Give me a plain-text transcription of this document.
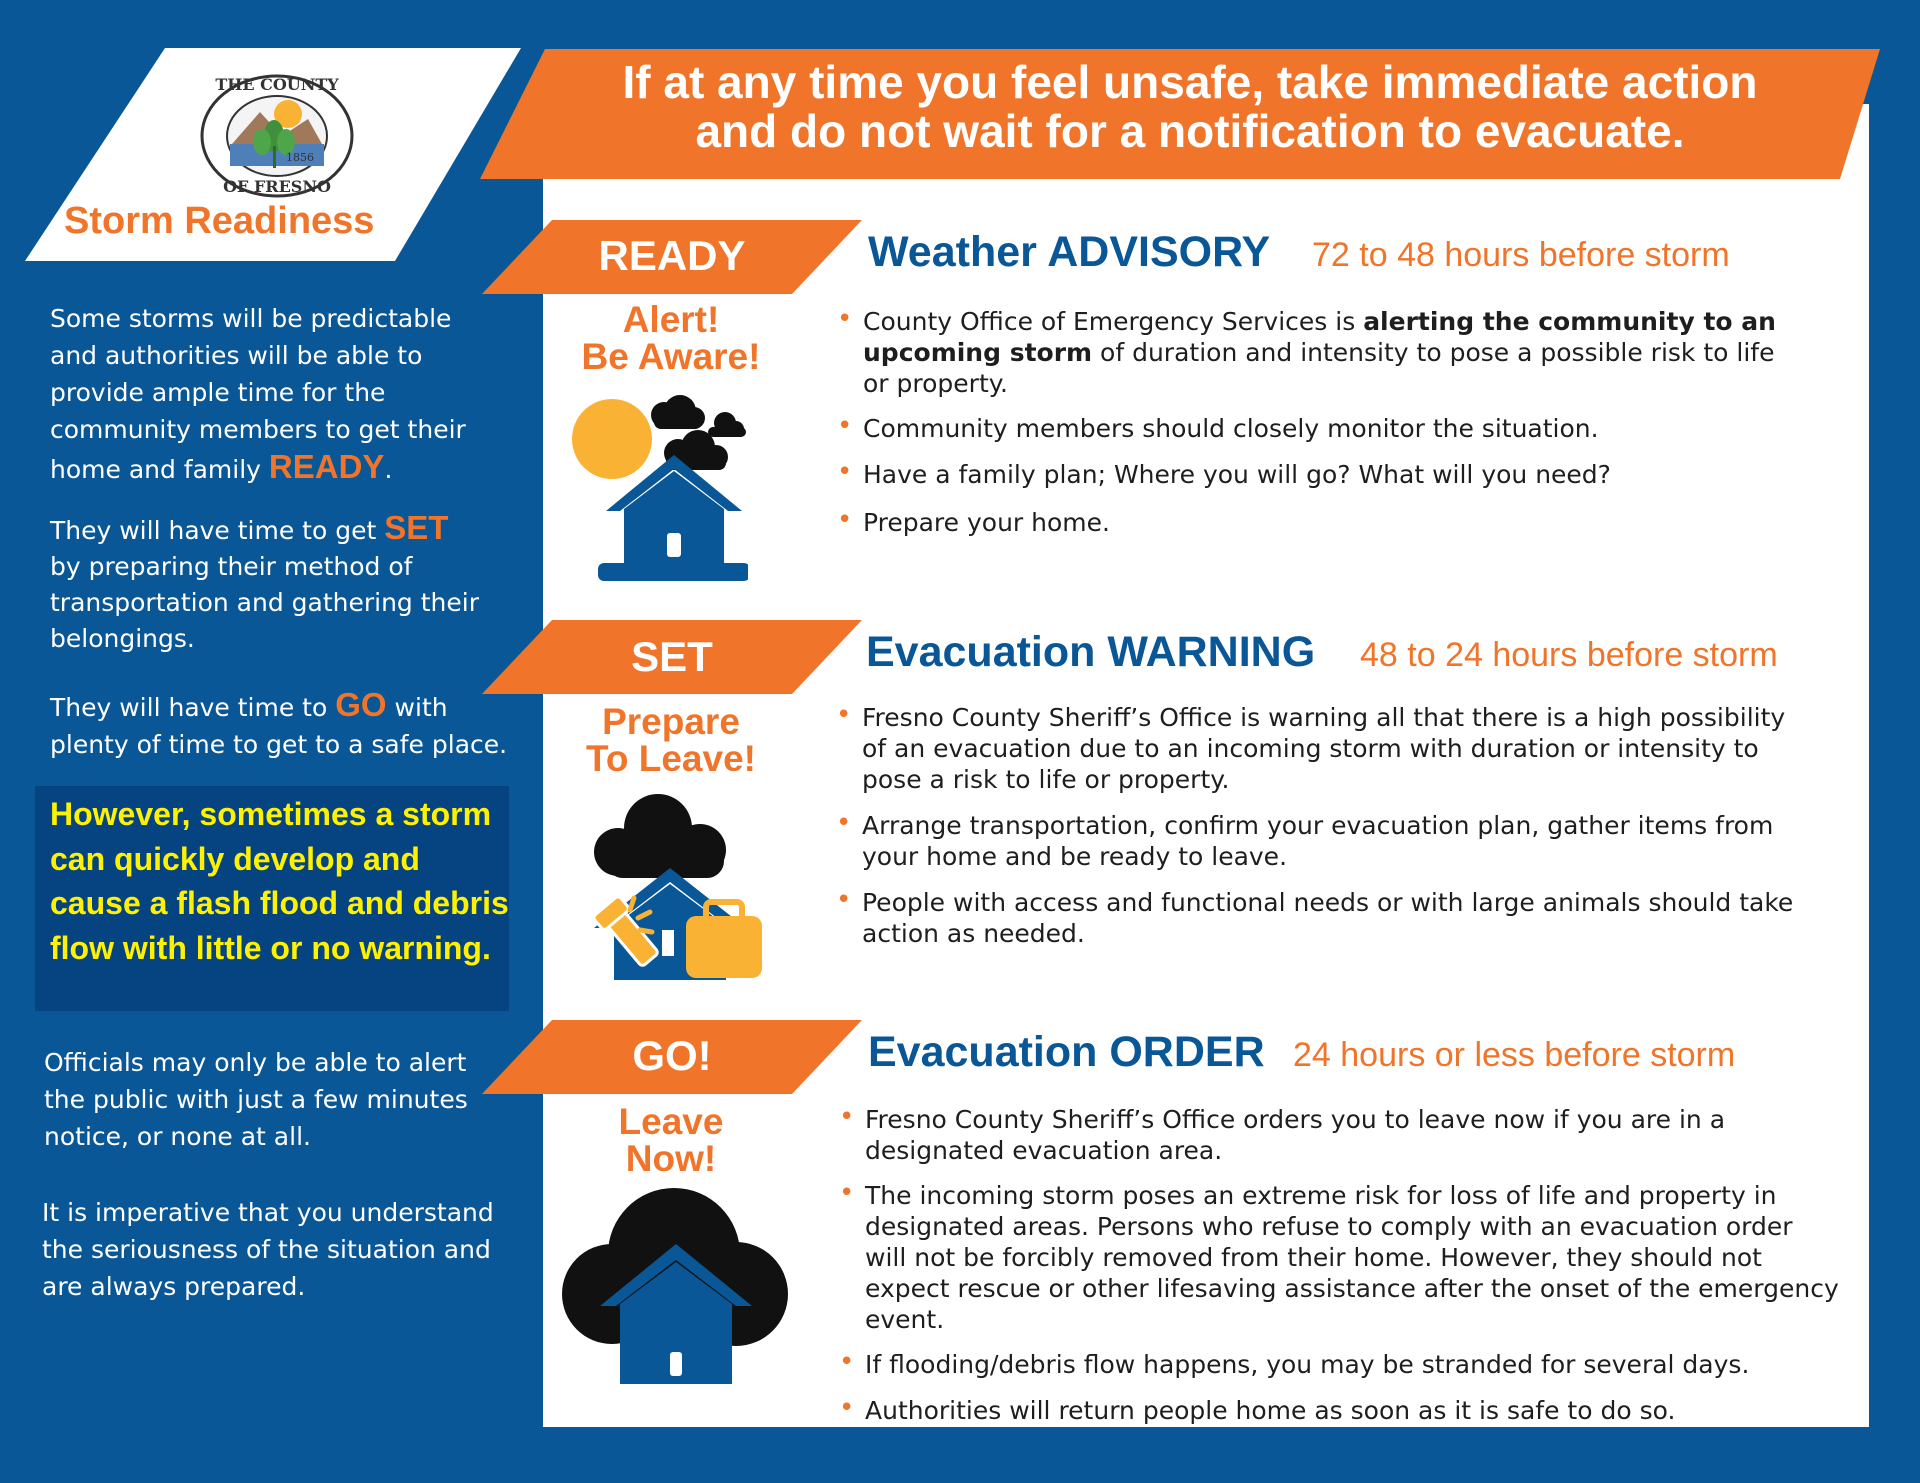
If at any time you feel unsafe, take immediate action
and do not wait for a notification to evacuate.
THE COUNTY
OF FRESNO
1856
Storm Readiness
Some storms will be predictable and authorities will be able to provide ample time for the community members to get their home and family READY.
They will have time to get SET
by preparing their method of transportation and gathering their belongings.
They will have time to GO with plenty of time to get to a safe place.
However, sometimes a storm can quickly develop and cause a flash flood and debris flow with little or no warning.
Officials may only be able to alert the public with just a few minutes notice, or none at all.
It is imperative that you understand the seriousness of the situation and are always prepared.
READY
Alert!
Be Aware!
Weather ADVISORY 72 to 48 hours before storm
• County Office of Emergency Services is alerting the community to an upcoming storm of duration and intensity to pose a possible risk to life or property.
• Community members should closely monitor the situation.
• Have a family plan; Where you will go? What will you need?
• Prepare your home.
SET
Prepare
To Leave!
Evacuation WARNING 48 to 24 hours before storm
• Fresno County Sheriff’s Office is warning all that there is a high possibility of an evacuation due to an incoming storm with duration or intensity to pose a risk to life or property.
• Arrange transportation, confirm your evacuation plan, gather items from your home and be ready to leave.
• People with access and functional needs or with large animals should take action as needed.
GO!
Leave
Now!
Evacuation ORDER 24 hours or less before storm
• Fresno County Sheriff’s Office orders you to leave now if you are in a designated evacuation area.
• The incoming storm poses an extreme risk for loss of life and property in designated areas. Persons who refuse to comply with an evacuation order will not be forcibly removed from their home. However, they should not expect rescue or other lifesaving assistance after the onset of the emergency event.
• If flooding/debris flow happens, you may be stranded for several days.
• Authorities will return people home as soon as it is safe to do so.
